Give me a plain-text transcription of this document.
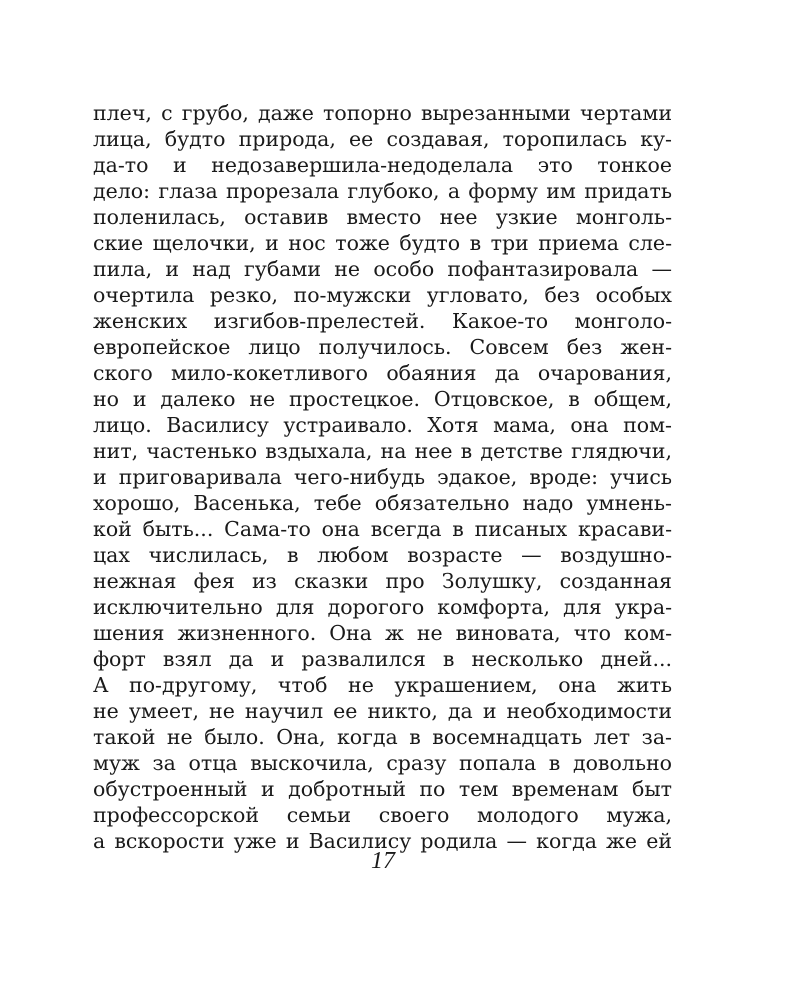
плеч, с грубо, даже топорно вырезанными чертами
лица, будто природа, ее создавая, торопилась ку-
да-то и недозавершила-недоделала это тонкое
дело: глаза прорезала глубоко, а форму им придать
поленилась, оставив вместо нее узкие монголь-
ские щелочки, и нос тоже будто в три приема сле-
пила, и над губами не особо пофантазировала —
очертила резко, по-мужски угловато, без особых
женских изгибов-прелестей. Какое-то монголо-
европейское лицо получилось. Совсем без жен-
ского мило-кокетливого обаяния да очарования,
но и далеко не простецкое. Отцовское, в общем,
лицо. Василису устраивало. Хотя мама, она пом-
нит, частенько вздыхала, на нее в детстве глядючи,
и приговаривала чего-нибудь эдакое, вроде: учись
хорошо, Васенька, тебе обязательно надо умнень-
кой быть... Сама-то она всегда в писаных красави-
цах числилась, в любом возрасте — воздушно-
нежная фея из сказки про Золушку, созданная
исключительно для дорогого комфорта, для укра-
шения жизненного. Она ж не виновата, что ком-
форт взял да и развалился в несколько дней...
А по-другому, чтоб не украшением, она жить
не умеет, не научил ее никто, да и необходимости
такой не было. Она, когда в восемнадцать лет за-
муж за отца выскочила, сразу попала в довольно
обустроенный и добротный по тем временам быт
профессорской семьи своего молодого мужа,
а вскорости уже и Василису родила — когда же ей
17
